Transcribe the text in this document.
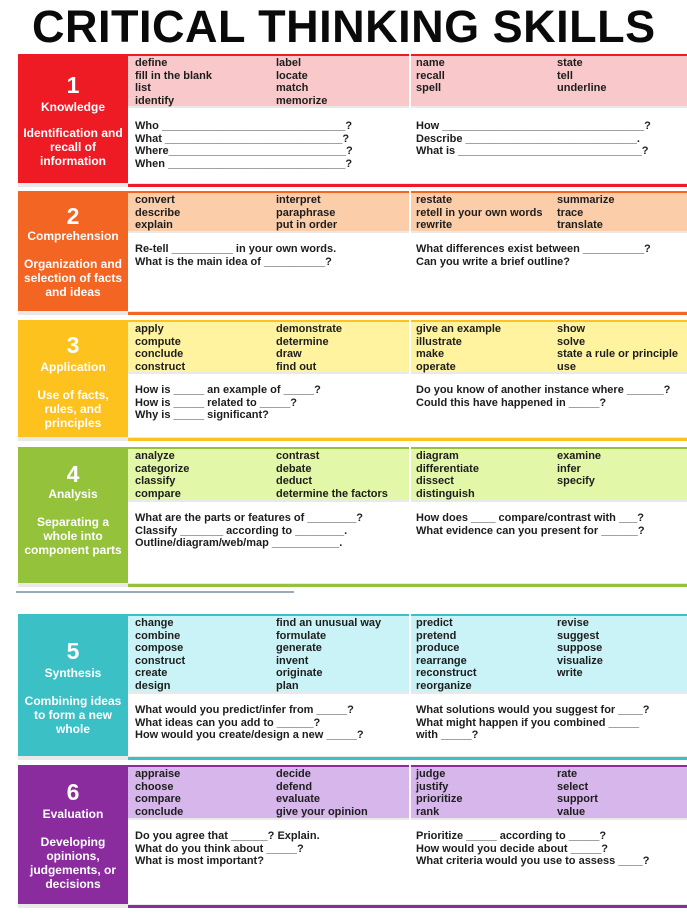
CRITICAL THINKING SKILLS
1
Knowledge
Identification and recall of information
define
fill in the blank
list
identify
label
locate
match
memorize
name
recall
spell
state
tell
underline
Who ______________________________?
What _____________________________?
Where_____________________________?
When _____________________________?
How _________________________________?
Describe ____________________________.
What is ______________________________?
2
Comprehension
Organization and selection of facts and ideas
convert
describe
explain
interpret
paraphrase
put in order
restate
retell in your own words
rewrite
summarize
trace
translate
Re-tell __________ in your own words.
What is the main idea of __________?
What differences exist between __________?
Can you write a brief outline?
3
Application
Use of facts, rules, and principles
apply
compute
conclude
construct
demonstrate
determine
draw
find out
give an example
illustrate
make
operate
show
solve
state a rule or principle
use
How is _____ an example of _____?
How is _____ related to _____?
Why is _____ significant?
Do you know of another instance where ______?
Could this have happened in _____?
4
Analysis
Separating a whole into component parts
analyze
categorize
classify
compare
contrast
debate
deduct
determine the factors
diagram
differentiate
dissect
distinguish
examine
infer
specify
What are the parts or features of ________?
Classify _______ according to ________.
Outline/diagram/web/map ___________.
How does ____ compare/contrast with ___?
What evidence can you present for ______?
5
Synthesis
Combining ideas to form a new whole
change
combine
compose
construct
create
design
find an unusual way
formulate
generate
invent
originate
plan
predict
pretend
produce
rearrange
reconstruct
reorganize
revise
suggest
suppose
visualize
write
What would you predict/infer from _____?
What ideas can you add to ______?
How would you create/design a new _____?
What solutions would you suggest for ____?
What might happen if you combined _____
with _____?
6
Evaluation
Developing opinions, judgements, or decisions
appraise
choose
compare
conclude
decide
defend
evaluate
give your opinion
judge
justify
prioritize
rank
rate
select
support
value
Do you agree that ______? Explain.
What do you think about _____?
What is most important?
Prioritize _____ according to _____?
How would you decide about _____?
What criteria would you use to assess ____?
